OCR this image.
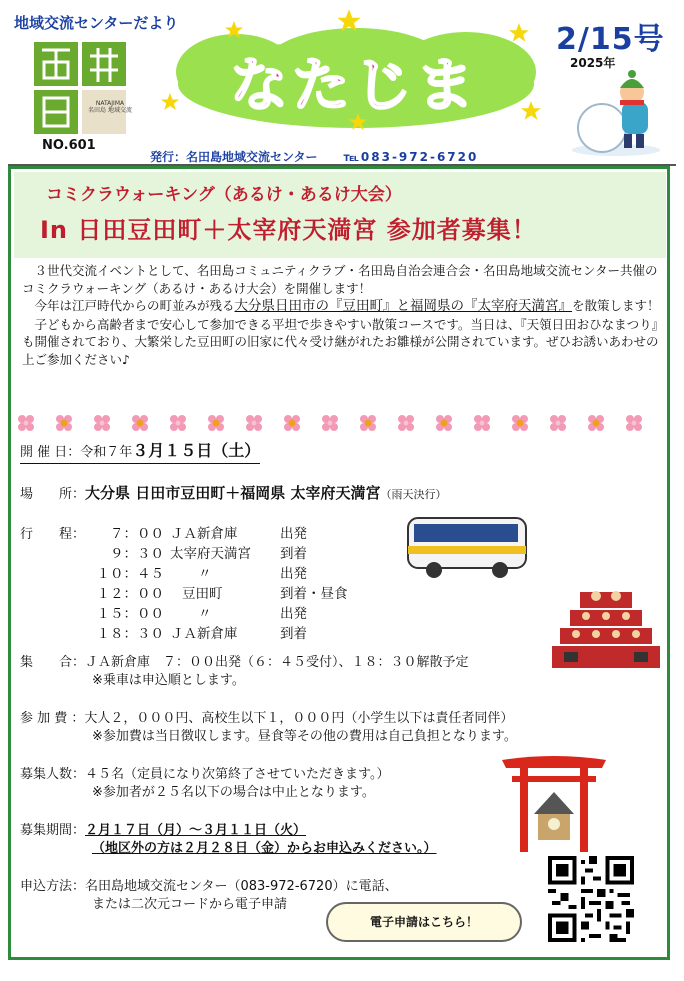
地域交流センターだより
NATAJIMA
名田島 地域交流
NO.601
なたじま
2/15号
2025年
発行：名田島地域交流センター ℡083-972-6720
コミクラウォーキング（あるけ・あるけ大会）
In 日田豆田町＋太宰府天満宮 参加者募集！

　３世代交流イベントとして、名田島コミュニティクラブ・名田島自治会連合会・名田島地域交流センター共催のコミクラウォーキング（あるけ・あるけ大会）を開催します！

　今年は江戸時代からの町並みが残る大分県日田市の『豆田町』と福岡県の『太宰府天満宮』を散策します！

　子どもから高齢者まで安心して参加できる平坦で歩きやすい散策コースです。当日は、『天領日田おひなまつり』も開催されており、大繁栄した豆田町の旧家に代々受け継がれたお雛様が公開されています。ぜひお誘いあわせの上ご参加ください♪

開 催 日：令和７年３月１５日（土）
場　　所：大分県 日田市豆田町＋福岡県 太宰府天満宮（雨天決行）
行　　程： ７：００	ＪＡ新倉庫	出発
９：３０	太宰府天満宮	到着
１０：４５	〃	出発
１２：００	豆田町	到着・昼食
１５：００	〃	出発
１８：３０	ＪＡ新倉庫	到着
集　　合：ＪＡ新倉庫　７：００出発（６：４５受付）、１８：３０解散予定
※乗車は申込順とします。
参 加 費 ：大人２，０００円、高校生以下１，０００円（小学生以下は責任者同伴）
※参加費は当日徴収します。昼食等その他の費用は自己負担となります。
募集人数：４５名（定員になり次第終了させていただきます。）
※参加者が２５名以下の場合は中止となります。
募集期間：２月１７日（月）～３月１１日（火）
（地区外の方は２月２８日（金）からお申込みください。）
申込方法：名田島地域交流センター（083-972-6720）に電話、
または二次元コードから電子申請
電子申請はこちら！
